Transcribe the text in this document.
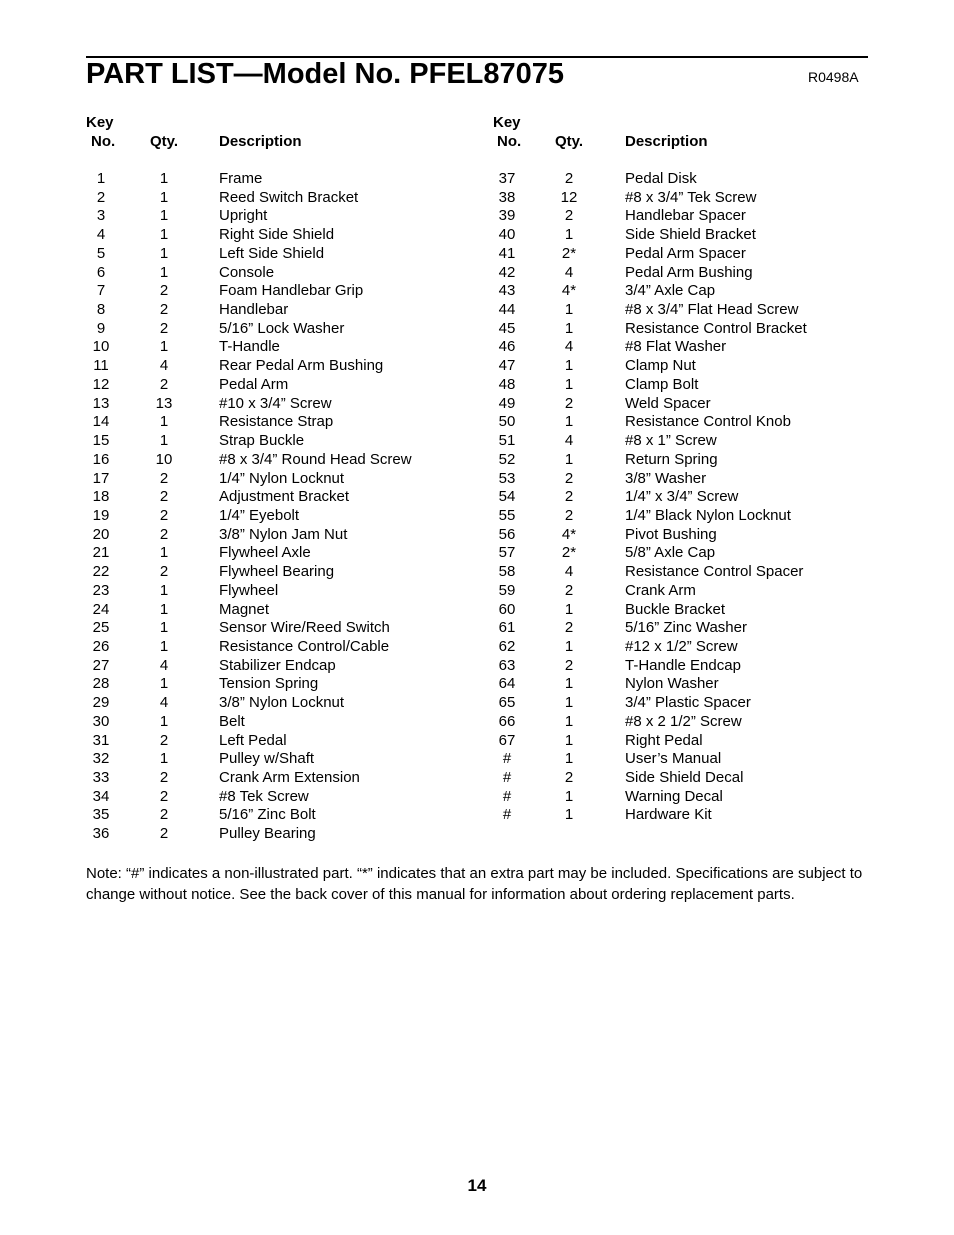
PART LIST—Model No. PFEL87075	R0498A
Key
No. Qty.	Description
Key
No. Qty.	Description
1	1	Frame
2	1	Reed Switch Bracket
3	1	Upright
4	1	Right Side Shield
5	1	Left Side Shield
6	1	Console
7	2	Foam Handlebar Grip
8	2	Handlebar
9	2	5/16” Lock Washer
10	1	T-Handle
11	4	Rear Pedal Arm Bushing
12	2	Pedal Arm
13	13	#10 x 3/4” Screw
14	1	Resistance Strap
15	1	Strap Buckle
16	10	#8 x 3/4” Round Head Screw
17	2	1/4” Nylon Locknut
18	2	Adjustment Bracket
19	2	1/4” Eyebolt
20	2	3/8” Nylon Jam Nut
21	1	Flywheel Axle
22	2	Flywheel Bearing
23	1	Flywheel
24	1	Magnet
25	1	Sensor Wire/Reed Switch
26	1	Resistance Control/Cable
27	4	Stabilizer Endcap
28	1	Tension Spring
29	4	3/8” Nylon Locknut
30	1	Belt
31	2	Left Pedal
32	1	Pulley w/Shaft
33	2	Crank Arm Extension
34	2	#8 Tek Screw
35	2	5/16” Zinc Bolt
36	2	Pulley Bearing
37	2	Pedal Disk
38	12	#8 x 3/4” Tek Screw
39	2	Handlebar Spacer
40	1	Side Shield Bracket
41	2*	Pedal Arm Spacer
42	4	Pedal Arm Bushing
43	4*	3/4” Axle Cap
44	1	#8 x 3/4” Flat Head Screw
45	1	Resistance Control Bracket
46	4	#8 Flat Washer
47	1	Clamp Nut
48	1	Clamp Bolt
49	2	Weld Spacer
50	1	Resistance Control Knob
51	4	#8 x 1” Screw
52	1	Return Spring
53	2	3/8” Washer
54	2	1/4” x 3/4” Screw
55	2	1/4” Black Nylon Locknut
56	4*	Pivot Bushing
57	2*	5/8” Axle Cap
58	4	Resistance Control Spacer
59	2	Crank Arm
60	1	Buckle Bracket
61	2	5/16” Zinc Washer
62	1	#12 x 1/2” Screw
63	2	T-Handle Endcap
64	1	Nylon Washer
65	1	3/4” Plastic Spacer
66	1	#8 x 2 1/2” Screw
67	1	Right Pedal
#	1	User’s Manual
#	2	Side Shield Decal
#	1	Warning Decal
#	1	Hardware Kit
Note: “#” indicates a non-illustrated part. “*” indicates that an extra part may be included. Specifications are subject to change without notice. See the back cover of this manual for information about ordering replacement parts.
14
